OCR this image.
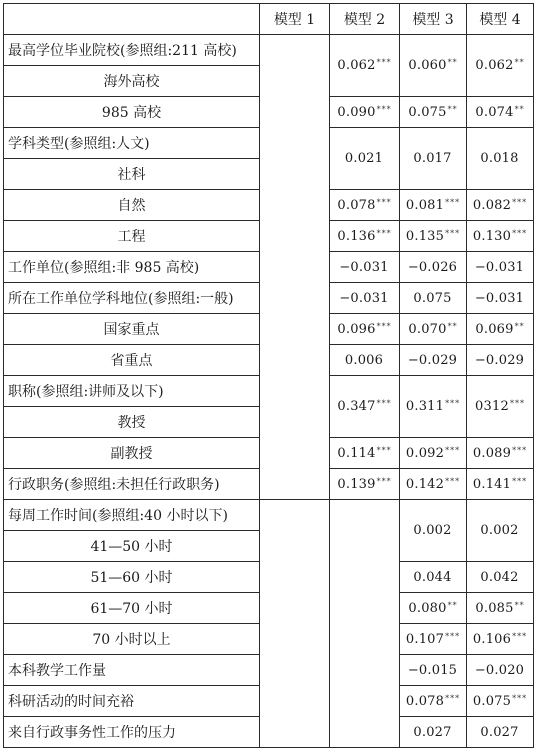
	模型 1	模型 2	模型 3	模型 4
最高学位毕业院校(参照组:211 高校)		0.062***	0.060**	0.062**
海外高校				
985 高校		0.090***	0.075**	0.074**
学科类型(参照组:人文)		0.021	0.017	0.018
社科				
自然		0.078***	0.081***	0.082***
工程		0.136***	0.135***	0.130***
工作单位(参照组:非 985 高校)		−0.031	−0.026	−0.031
所在工作单位学科地位(参照组:一般)		−0.031	0.075	−0.031
国家重点		0.096***	0.070**	0.069**
省重点		0.006	−0.029	−0.029
职称(参照组:讲师及以下)		0.347***	0.311***	0312***
教授				
副教授		0.114***	0.092***	0.089***
行政职务(参照组:未担任行政职务)		0.139***	0.142***	0.141***
每周工作时间(参照组:40 小时以下)			0.002	0.002
41—50 小时				
51—60 小时			0.044	0.042
61—70 小时			0.080**	0.085**
70 小时以上			0.107***	0.106***
本科教学工作量			−0.015	−0.020
科研活动的时间充裕			0.078***	0.075***
来自行政事务性工作的压力			0.027	0.027
